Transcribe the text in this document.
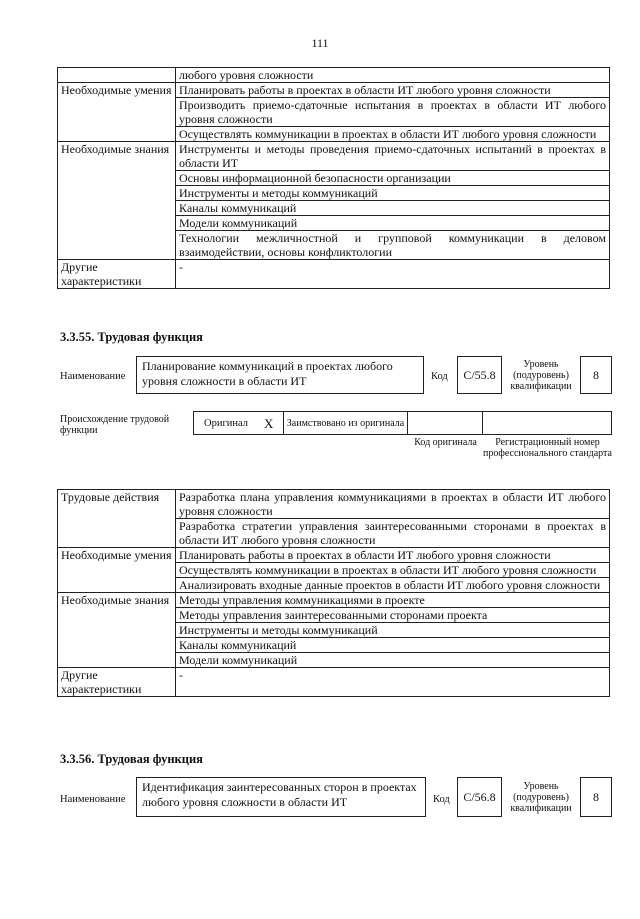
111
	любого уровня сложности
Необходимые умения	Планировать работы в проектах в области ИТ любого уровня сложности
	Производить приемо-сдаточные испытания в проектах в области ИТ любого уровня сложности
	Осуществлять коммуникации в проектах в области ИТ любого уровня сложности
Необходимые знания	Инструменты и методы проведения приемо-сдаточных испытаний в проектах в области ИТ
	Основы информационной безопасности организации
	Инструменты и методы коммуникаций
	Каналы коммуникаций
	Модели коммуникаций
	Технологии межличностной и групповой коммуникации в деловом взаимодействии, основы конфликтологии
Другие характеристики	-
3.3.55. Трудовая функция
Наименование
Планирование коммуникаций в проектах любого уровня сложности в области ИТ	Код	C/55.8
Уровень (подуровень) квалификации
8
Происхождение трудовой функции
Оригинал X	Заимствовано из оригинала
Код оригинала	Регистрационный номер профессионального стандарта
Трудовые действия	Разработка плана управления коммуникациями в проектах в области ИТ любого уровня сложности
	Разработка стратегии управления заинтересованными сторонами в проектах в области ИТ любого уровня сложности
Необходимые умения	Планировать работы в проектах в области ИТ любого уровня сложности
	Осуществлять коммуникации в проектах в области ИТ любого уровня сложности
	Анализировать входные данные проектов в области ИТ любого уровня сложности
Необходимые знания	Методы управления коммуникациями в проекте
	Методы управления заинтересованными сторонами проекта
	Инструменты и методы коммуникаций
	Каналы коммуникаций
	Модели коммуникаций
Другие характеристики	-
3.3.56. Трудовая функция
Наименование
Идентификация заинтересованных сторон в проектах любого уровня сложности в области ИТ	Код	C/56.8
Уровень (подуровень) квалификации
8
